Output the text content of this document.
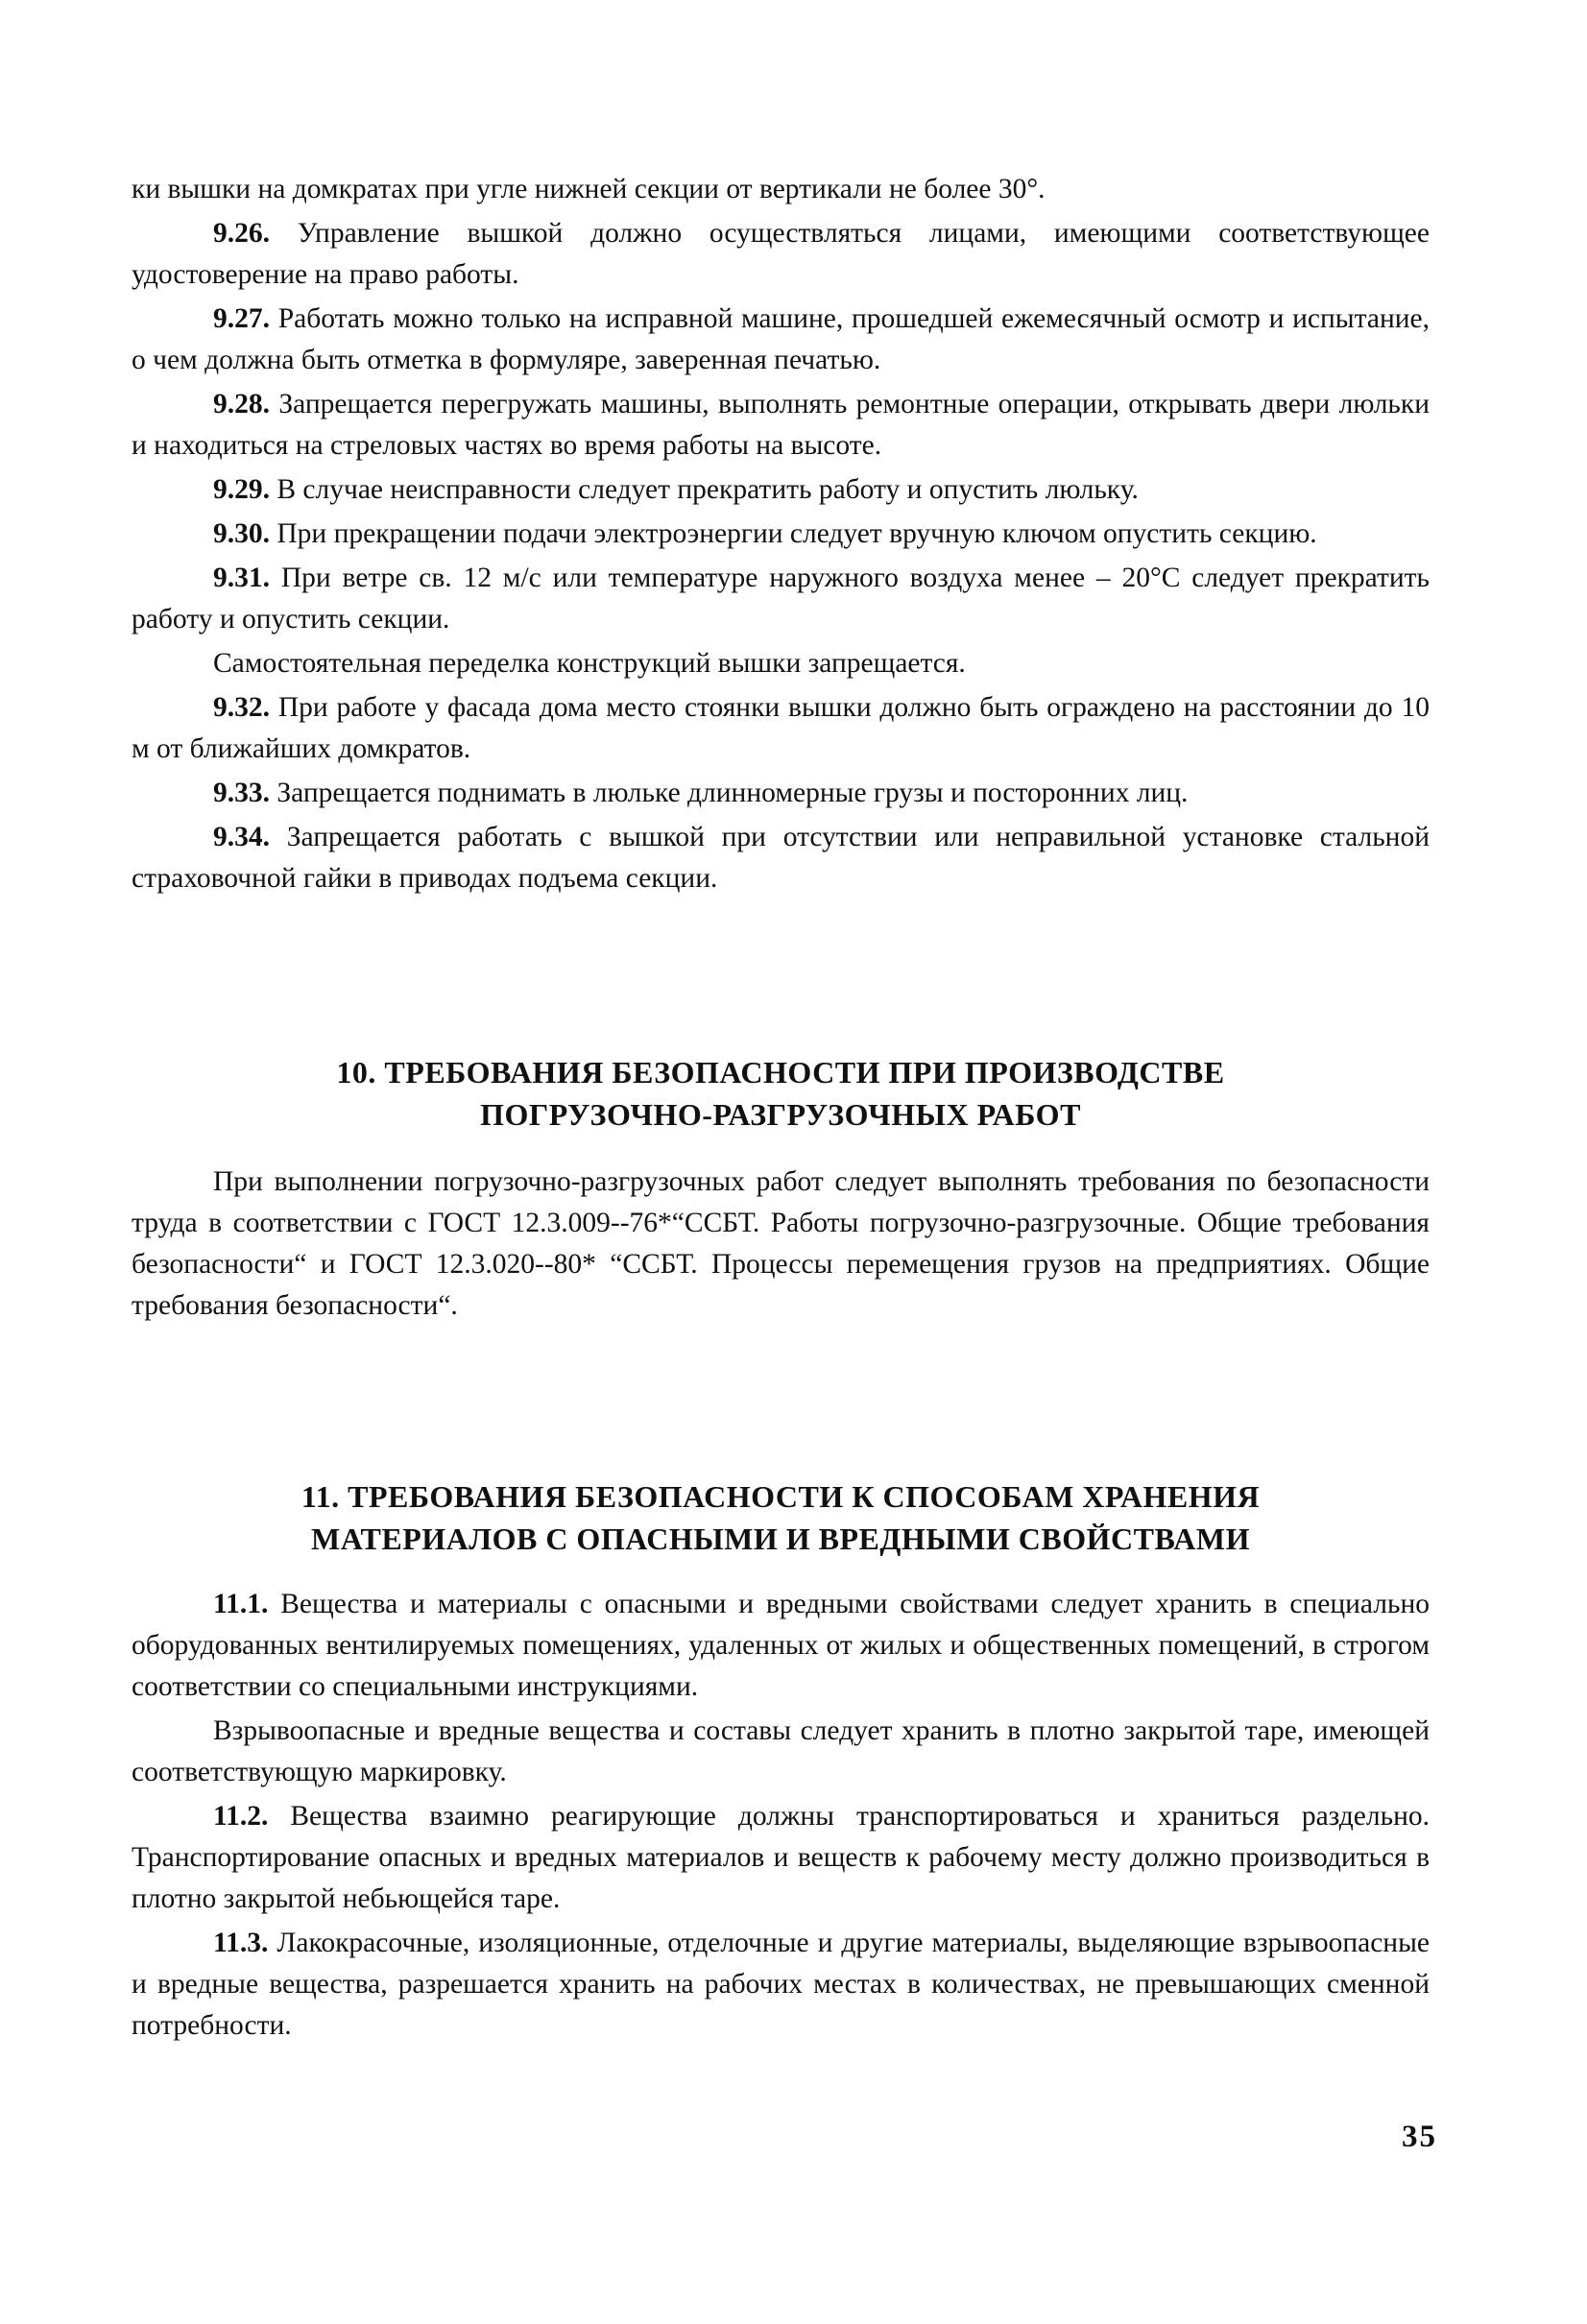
ки вышки на домкратах при угле нижней секции от вертикали не более 30°.

9.26. Управление вышкой должно осуществляться лицами, имеющими соответствующее удостоверение на право работы.

9.27. Работать можно только на исправной машине, прошедшей ежемесячный осмотр и испытание, о чем должна быть отметка в формуляре, заверенная печатью.

9.28. Запрещается перегружать машины, выполнять ремонтные операции, открывать двери люльки и находиться на стреловых частях во время работы на высоте.

9.29. В случае неисправности следует прекратить работу и опустить люльку.

9.30. При прекращении подачи электроэнергии следует вручную ключом опустить секцию.

9.31. При ветре св. 12 м/с или температуре наружного воздуха менее – 20°С следует прекратить работу и опустить секции.

Самостоятельная переделка конструкций вышки запрещается.

9.32. При работе у фасада дома место стоянки вышки должно быть ограждено на расстоянии до 10 м от ближайших домкратов.

9.33. Запрещается поднимать в люльке длинномерные грузы и посторонних лиц.

9.34. Запрещается работать с вышкой при отсутствии или неправильной установке стальной страховочной гайки в приводах подъема секции.

10. ТРЕБОВАНИЯ БЕЗОПАСНОСТИ ПРИ ПРОИЗВОДСТВЕ
ПОГРУЗОЧНО-РАЗГРУЗОЧНЫХ РАБОТ

При выполнении погрузочно-разгрузочных работ следует выполнять требования по безопасности труда в соответствии с ГОСТ 12.3.009--76*“ССБТ. Работы погрузочно-разгрузочные. Общие требования безопасности“ и ГОСТ 12.3.020--80* “ССБТ. Процессы перемещения грузов на предприятиях. Общие требования безопасности“.

11. ТРЕБОВАНИЯ БЕЗОПАСНОСТИ К СПОСОБАМ ХРАНЕНИЯ
МАТЕРИАЛОВ С ОПАСНЫМИ И ВРЕДНЫМИ СВОЙСТВАМИ

11.1. Вещества и материалы с опасными и вредными свойствами следует хранить в специально оборудованных вентилируемых помещениях, удаленных от жилых и общественных помещений, в строгом соответствии со специальными инструкциями.

Взрывоопасные и вредные вещества и составы следует хранить в плотно закрытой таре, имеющей соответствующую маркировку.

11.2. Вещества взаимно реагирующие должны транспортироваться и храниться раздельно. Транспортирование опасных и вредных материалов и веществ к рабочему месту должно производиться в плотно закрытой небьющейся таре.

11.3. Лакокрасочные, изоляционные, отделочные и другие материалы, выделяющие взрывоопасные и вредные вещества, разрешается хранить на рабочих местах в количествах, не превышающих сменной потребности.

35
